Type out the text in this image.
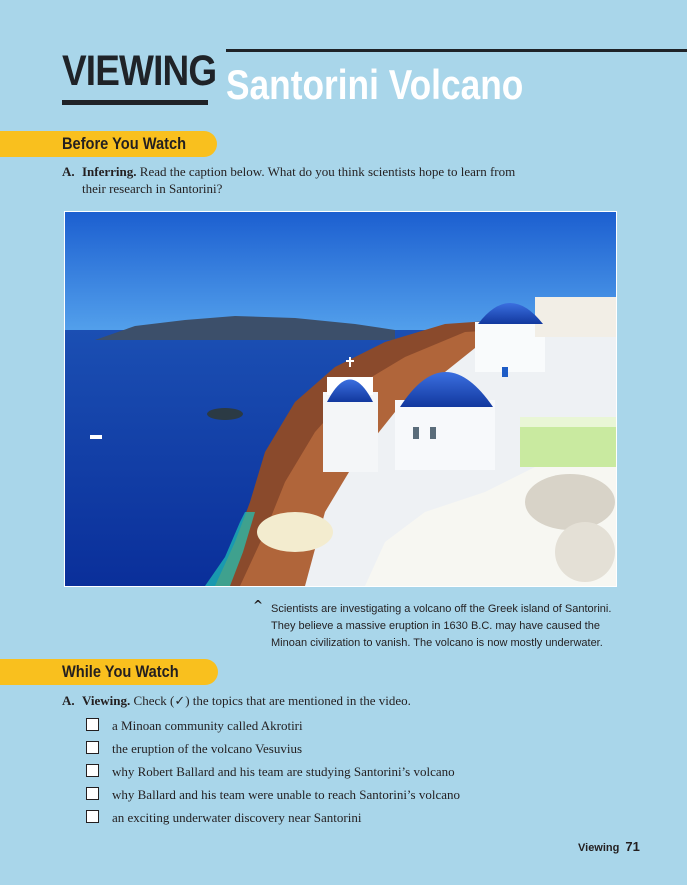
VIEWING Santorini Volcano
Before You Watch
A. Inferring. Read the caption below. What do you think scientists hope to learn from
their research in Santorini?
^ Scientists are investigating a volcano off the Greek island of Santorini. They believe a massive eruption in 1630 B.C. may have caused the Minoan civilization to vanish. The volcano is now mostly underwater.
While You Watch
A. Viewing. Check (✓) the topics that are mentioned in the video.
a Minoan community called Akrotiri
the eruption of the volcano Vesuvius
why Robert Ballard and his team are studying Santorini’s volcano
why Ballard and his team were unable to reach Santorini’s volcano
an exciting underwater discovery near Santorini
Viewing 71
